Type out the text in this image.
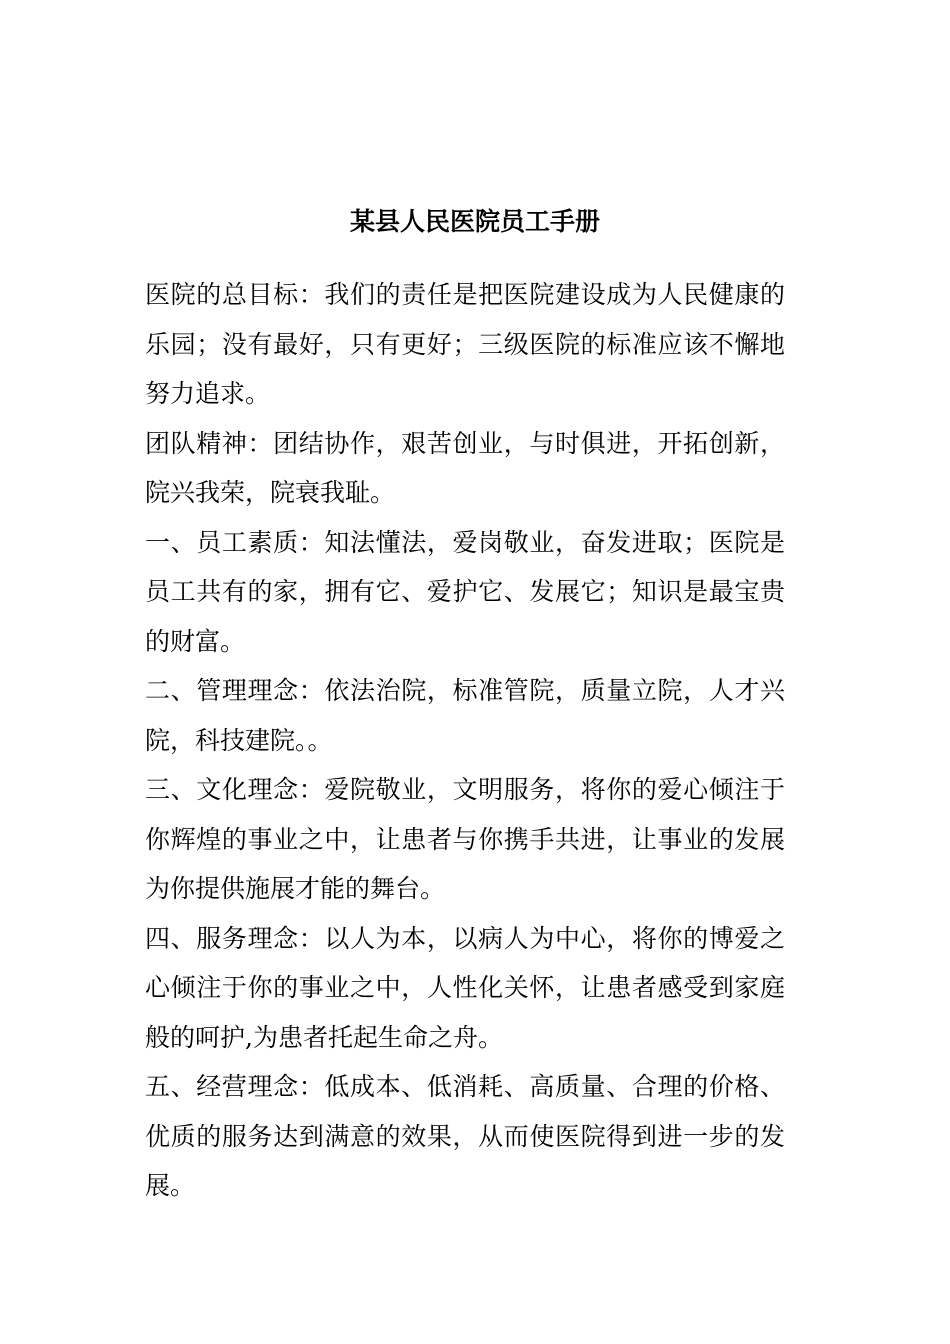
某县人民医院员工手册

医院的总目标：我们的责任是把医院建设成为人民健康的乐园；没有最好，只有更好；三级医院的标准应该不懈地努力追求。

团队精神：团结协作，艰苦创业，与时俱进，开拓创新，院兴我荣，院衰我耻。

一、员工素质：知法懂法，爱岗敬业，奋发进取；医院是员工共有的家，拥有它、爱护它、发展它；知识是最宝贵的财富。

二、管理理念：依法治院，标准管院，质量立院，人才兴院，科技建院。。

三、文化理念：爱院敬业，文明服务，将你的爱心倾注于你辉煌的事业之中，让患者与你携手共进，让事业的发展为你提供施展才能的舞台。

四、服务理念：以人为本，以病人为中心，将你的博爱之心倾注于你的事业之中，人性化关怀，让患者感受到家庭般的呵护,为患者托起生命之舟。

五、经营理念：低成本、低消耗、高质量、合理的价格、优质的服务达到满意的效果，从而使医院得到进一步的发展。
